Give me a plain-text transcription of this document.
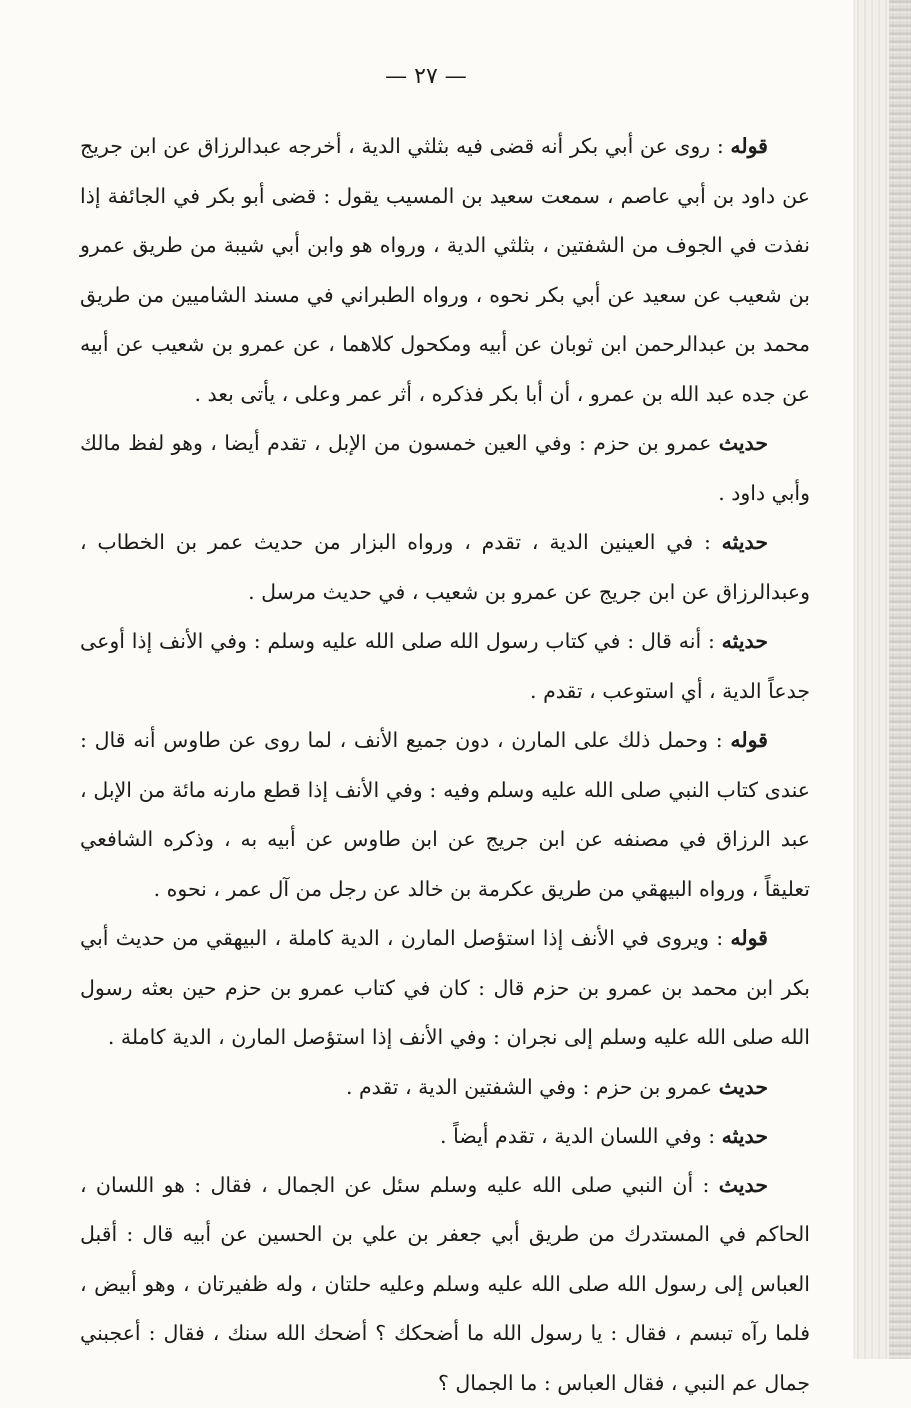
— ٢٧ —

قوله : روى عن أبي بكر أنه قضى فيه بثلثي الدية ، أخرجه عبدالرزاق عن ابن جريج عن داود بن أبي عاصم ، سمعت سعيد بن المسيب يقول : قضى أبو بكر في الجائفة إذا نفذت في الجوف من الشفتين ، بثلثي الدية ، ورواه هو وابن أبي شيبة من طريق عمرو بن شعيب عن سعيد عن أبي بكر نحوه ، ورواه الطبراني في مسند الشاميين من طريق محمد بن عبدالرحمن ابن ثوبان عن أبيه ومكحول كلاهما ، عن عمرو بن شعيب عن أبيه عن جده عبد الله بن عمرو ، أن أبا بكر فذكره ، أثر عمر وعلى ، يأتى بعد .

حديث عمرو بن حزم : وفي العين خمسون من الإبل ، تقدم أيضا ، وهو لفظ مالك وأبي داود .

حديثه : في العينين الدية ، تقدم ، ورواه البزار من حديث عمر بن الخطاب ، وعبدالرزاق عن ابن جريج عن عمرو بن شعيب ، في حديث مرسل .

حديثه : أنه قال : في كتاب رسول الله صلى الله عليه وسلم : وفي الأنف إذا أوعى جدعاً الدية ، أي استوعب ، تقدم .

قوله : وحمل ذلك على المارن ، دون جميع الأنف ، لما روى عن طاوس أنه قال : عندى كتاب النبي صلى الله عليه وسلم وفيه : وفي الأنف إذا قطع مارنه مائة من الإبل ، عبد الرزاق في مصنفه عن ابن جريج عن ابن طاوس عن أبيه به ، وذكره الشافعي تعليقاً ، ورواه البيهقي من طريق عكرمة بن خالد عن رجل من آل عمر ، نحوه .

قوله : ويروى في الأنف إذا استؤصل المارن ، الدية كاملة ، البيهقي من حديث أبي بكر ابن محمد بن عمرو بن حزم قال : كان في كتاب عمرو بن حزم حين بعثه رسول الله صلى الله عليه وسلم إلى نجران : وفي الأنف إذا استؤصل المارن ، الدية كاملة .

حديث عمرو بن حزم : وفي الشفتين الدية ، تقدم .

حديثه : وفي اللسان الدية ، تقدم أيضاً .

حديث : أن النبي صلى الله عليه وسلم سئل عن الجمال ، فقال : هو اللسان ، الحاكم في المستدرك من طريق أبي جعفر بن علي بن الحسين عن أبيه قال : أقبل العباس إلى رسول الله صلى الله عليه وسلم وعليه حلتان ، وله ظفيرتان ، وهو أبيض ، فلما رآه تبسم ، فقال : يا رسول الله ما أضحكك ؟ أضحك الله سنك ، فقال : أعجبني جمال عم النبي ، فقال العباس : ما الجمال ؟
